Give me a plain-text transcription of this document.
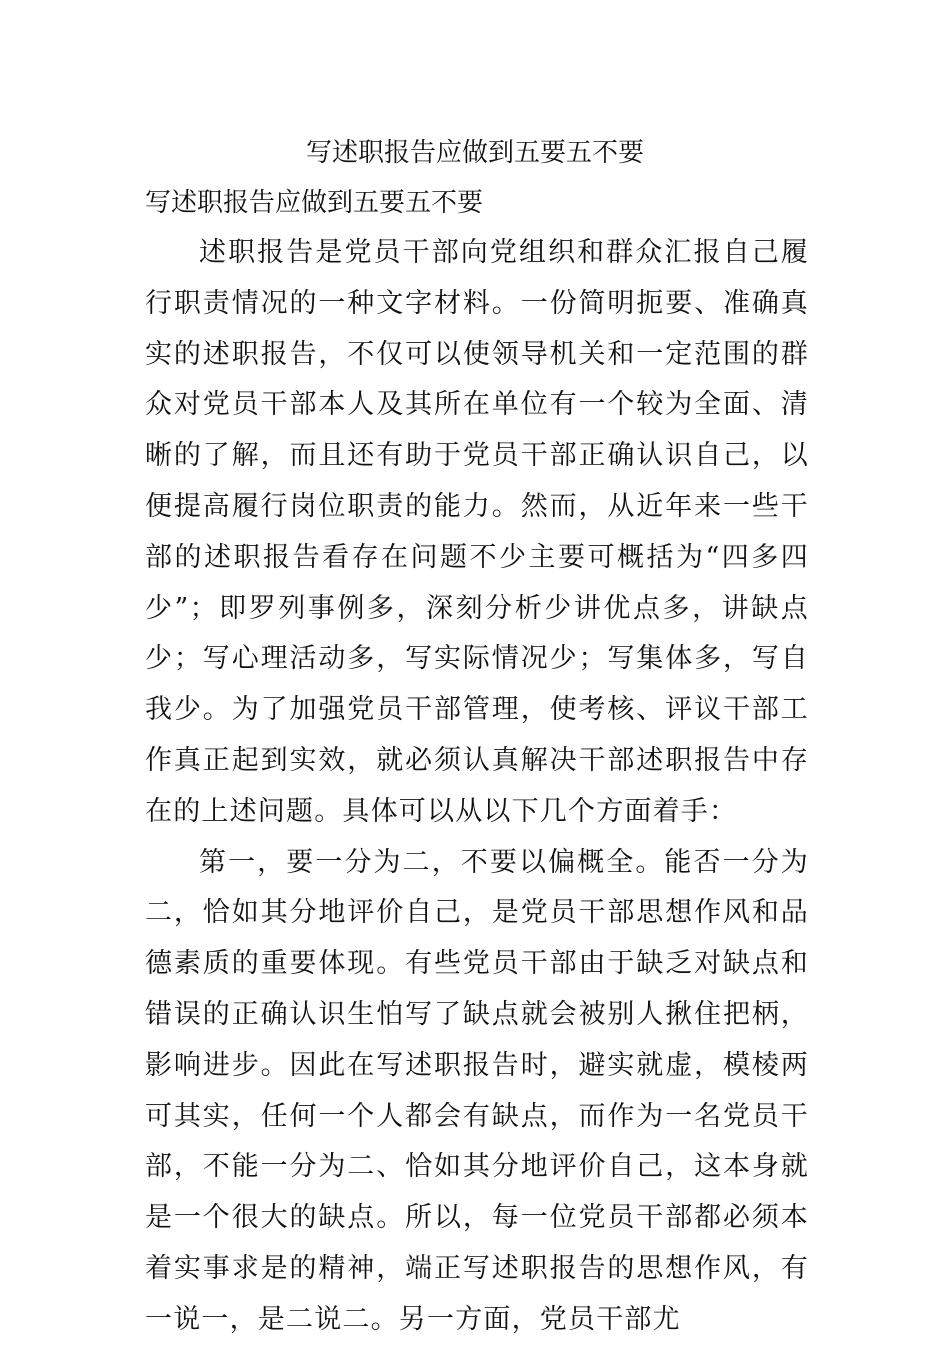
写述职报告应做到五要五不要
写述职报告应做到五要五不要

述职报告是党员干部向党组织和群众汇报自己履行职责情况的一种文字材料。一份简明扼要、准确真实的述职报告，不仅可以使领导机关和一定范围的群众对党员干部本人及其所在单位有一个较为全面、清晰的了解，而且还有助于党员干部正确认识自己，以便提高履行岗位职责的能力。然而，从近年来一些干部的述职报告看存在问题不少主要可概括为“四多四少”；即罗列事例多，深刻分析少讲优点多，讲缺点少；写心理活动多，写实际情况少；写集体多，写自我少。为了加强党员干部管理，使考核、评议干部工作真正起到实效，就必须认真解决干部述职报告中存在的上述问题。具体可以从以下几个方面着手：

第一，要一分为二，不要以偏概全。能否一分为二，恰如其分地评价自己，是党员干部思想作风和品德素质的重要体现。有些党员干部由于缺乏对缺点和错误的正确认识生怕写了缺点就会被别人揪住把柄，影响进步。因此在写述职报告时，避实就虚，模棱两可其实，任何一个人都会有缺点，而作为一名党员干部，不能一分为二、恰如其分地评价自己，这本身就是一个很大的缺点。所以，每一位党员干部都必须本着实事求是的精神，端正写述职报告的思想作风，有一说一，是二说二。另一方面，党员干部尤
